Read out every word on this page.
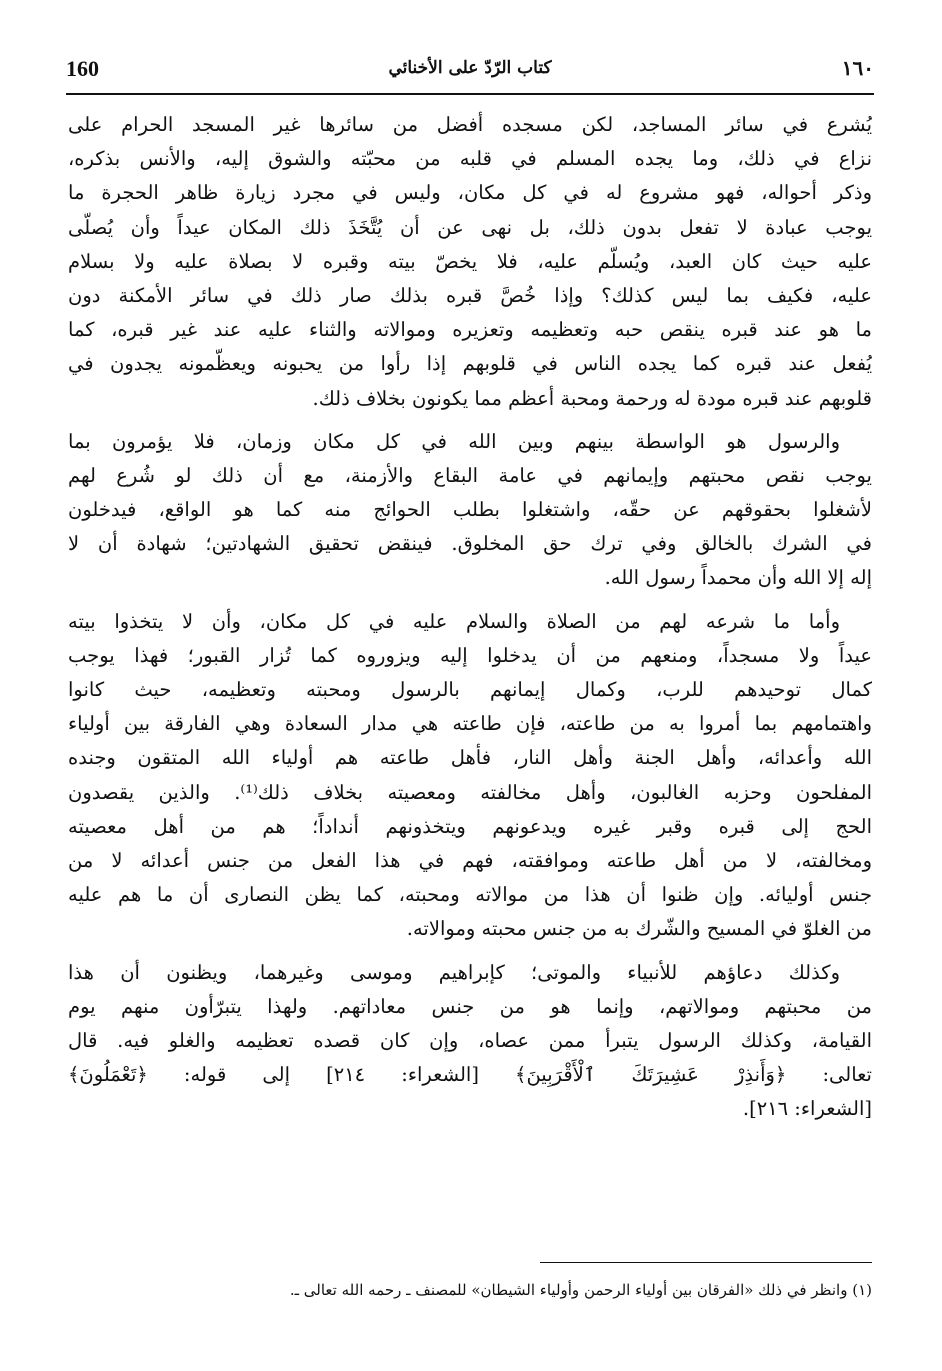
160	كتاب الرّدّ على الأخنائي	١٦٠
يُشرع في سائر المساجد، لكن مسجده أفضل من سائرها غير المسجد الحرام على
نزاع في ذلك، وما يجده المسلم في قلبه من محبّته والشوق إليه، والأنس بذكره،
وذكر أحواله، فهو مشروع له في كل مكان، وليس في مجرد زيارة ظاهر الحجرة ما
يوجب عبادة لا تفعل بدون ذلك، بل نهى عن أن يُتَّخَذَ ذلك المكان عيداً وأن يُصلّى
عليه حيث كان العبد، ويُسلّم عليه، فلا يخصّ بيته وقبره لا بصلاة عليه ولا بسلام
عليه، فكيف بما ليس كذلك؟ وإذا خُصَّ قبره بذلك صار ذلك في سائر الأمكنة دون
ما هو عند قبره ينقص حبه وتعظيمه وتعزيره وموالاته والثناء عليه عند غير قبره، كما
يُفعل عند قبره كما يجده الناس في قلوبهم إذا رأوا من يحبونه ويعظّمونه يجدون في
قلوبهم عند قبره مودة له ورحمة ومحبة أعظم مما يكونون بخلاف ذلك.
والرسول هو الواسطة بينهم وبين الله في كل مكان وزمان، فلا يؤمرون بما
يوجب نقص محبتهم وإيمانهم في عامة البقاع والأزمنة، مع أن ذلك لو شُرع لهم
لأشغلوا بحقوقهم عن حقّه، واشتغلوا بطلب الحوائج منه كما هو الواقع، فيدخلون
في الشرك بالخالق وفي ترك حق المخلوق. فينقض تحقيق الشهادتين؛ شهادة أن لا
إله إلا الله وأن محمداً رسول الله.
وأما ما شرعه لهم من الصلاة والسلام عليه في كل مكان، وأن لا يتخذوا بيته
عيداً ولا مسجداً، ومنعهم من أن يدخلوا إليه ويزوروه كما تُزار القبور؛ فهذا يوجب
كمال توحيدهم للرب، وكمال إيمانهم بالرسول ومحبته وتعظيمه، حيث كانوا
واهتمامهم بما أمروا به من طاعته، فإن طاعته هي مدار السعادة وهي الفارقة بين أولياء
الله وأعدائه، وأهل الجنة وأهل النار، فأهل طاعته هم أولياء الله المتقون وجنده
المفلحون وحزبه الغالبون، وأهل مخالفته ومعصيته بخلاف ذلك⁽¹⁾. والذين يقصدون
الحج إلى قبره وقبر غيره ويدعونهم ويتخذونهم أنداداً؛ هم من أهل معصيته
ومخالفته، لا من أهل طاعته وموافقته، فهم في هذا الفعل من جنس أعدائه لا من
جنس أوليائه. وإن ظنوا أن هذا من موالاته ومحبته، كما يظن النصارى أن ما هم عليه
من الغلوّ في المسيح والشّرك به من جنس محبته وموالاته.
وكذلك دعاؤهم للأنبياء والموتى؛ كإبراهيم وموسى وغيرهما، ويظنون أن هذا
من محبتهم وموالاتهم، وإنما هو من جنس معاداتهم. ولهذا يتبرّأون منهم يوم
القيامة، وكذلك الرسول يتبرأ ممن عصاه، وإن كان قصده تعظيمه والغلو فيه. قال
تعالى: ﴿وَأَنذِرْ عَشِيرَتَكَ ٱلْأَقْرَبِينَ﴾ [الشعراء: ٢١٤] إلى قوله: ﴿تَعْمَلُونَ﴾
[الشعراء: ٢١٦].
(١) وانظر في ذلك «الفرقان بين أولياء الرحمن وأولياء الشيطان» للمصنف ـ رحمه الله تعالى ـ.
